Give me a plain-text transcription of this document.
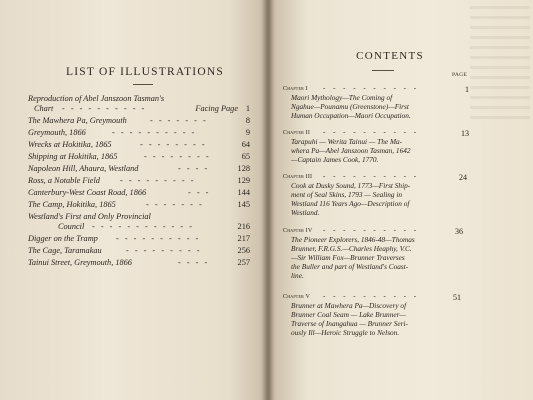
LIST OF ILLUSTRATIONS
Reproduction of Abel Janszoon Tasman's
Chart - - - - - - - - - -	Facing Page 1
The Mawhera Pa, Greymouth	- - - - - - -	8
Greymouth, 1866	- - - - - - - - - -	9
Wrecks at Hokitika, 1865	- - - - - - - -	64
Shipping at Hokitika, 1865	- - - - - - - -	65
Napoleon Hill, Ahaura, Westland	- - - -	128
Ross, a Notable Field - - - - - - - - -	129
Canterbury-West Coast Road, 1866	- - -	144
The Camp, Hokitika, 1865	- - - - - - -	145
Westland's First and Only Provincial
Council - - - - - - - - - - - -	216
Digger on the Tramp - - - - - - - - - -	217
The Cage, Taramakau	- - - - - - - - -	256
Tainui Street, Greymouth, 1866	- - - -	257
CONTENTS
PAGE
Chapter I - - - - - - - - - -	1
Maori Mythology—The Coming of
Ngahue—Pounamu (Greenstone)—First
Human Occupation—Maori Occupation.
Chapter II - - - - - - - - - -	13
Tarapuhi — Werita Tainui — The Ma-
whera Pa—Abel Janszoon Tasman, 1642
—Captain James Cook, 1770.
Chapter III - - - - - - - - - -	24
Cook at Dusky Sound, 1773—First Ship-
ment of Seal Skins, 1793 — Sealing in
Westland 116 Years Ago—Description of
Westland.
Chapter IV - - - - - - - - - -	36
The Pioneer Explorers, 1846-48—Thomas
Brunner, F.R.G.S.—Charles Heaphy, V.C.
—Sir William Fox—Brunner Traverses
the Buller and part of Westland's Coast-
line.
Chapter V - - - - - - - - - -	51
Brunner at Mawhera Pa—Discovery of
Brunner Coal Seam — Lake Brunner—
Traverse of Inangahua — Brunner Seri-
ously Ill—Heroic Struggle to Nelson.
